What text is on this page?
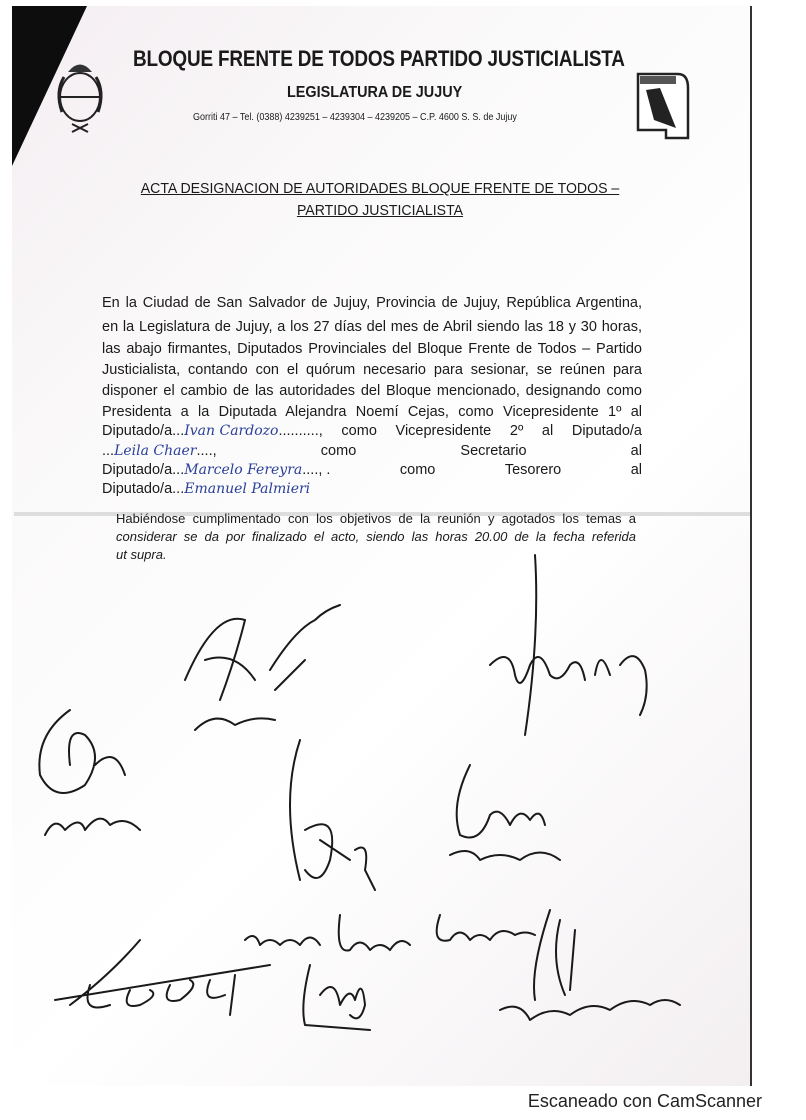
BLOQUE FRENTE DE TODOS PARTIDO JUSTICIALISTA
LEGISLATURA DE JUJUY
Gorriti 47 – Tel. (0388) 4239251 – 4239304 – 4239205 – C.P. 4600 S. S. de Jujuy
ACTA DESIGNACION DE AUTORIDADES BLOQUE FRENTE DE TODOS –
PARTIDO JUSTICIALISTA
En la Ciudad de San Salvador de Jujuy, Provincia de Jujuy, República Argentina,
en la Legislatura de Jujuy, a los 27 días del mes de Abril siendo las 18 y 30 horas,
las abajo firmantes, Diputados Provinciales del Bloque Frente de Todos – Partido
Justicialista, contando con el quórum necesario para sesionar, se reúnen para
disponer el cambio de las autoridades del Bloque mencionado, designando como
Presidenta a la Diputada Alejandra Noemí Cejas, como Vicepresidente 1º al
Diputado/a...Ivan Cardozo.........., como Vicepresidente 2º al Diputado/a
...Leila Chaer....,	como	Secretario	al
Diputado/a...Marcelo Fereyra...., .	como	Tesorero	al
Diputado/a...Emanuel Palmieri
Habiéndose cumplimentado con los objetivos de la reunión y agotados los temas a
considerar se da por finalizado el acto, siendo las horas 20.00 de la fecha referida
ut supra.
Escaneado con CamScanner
